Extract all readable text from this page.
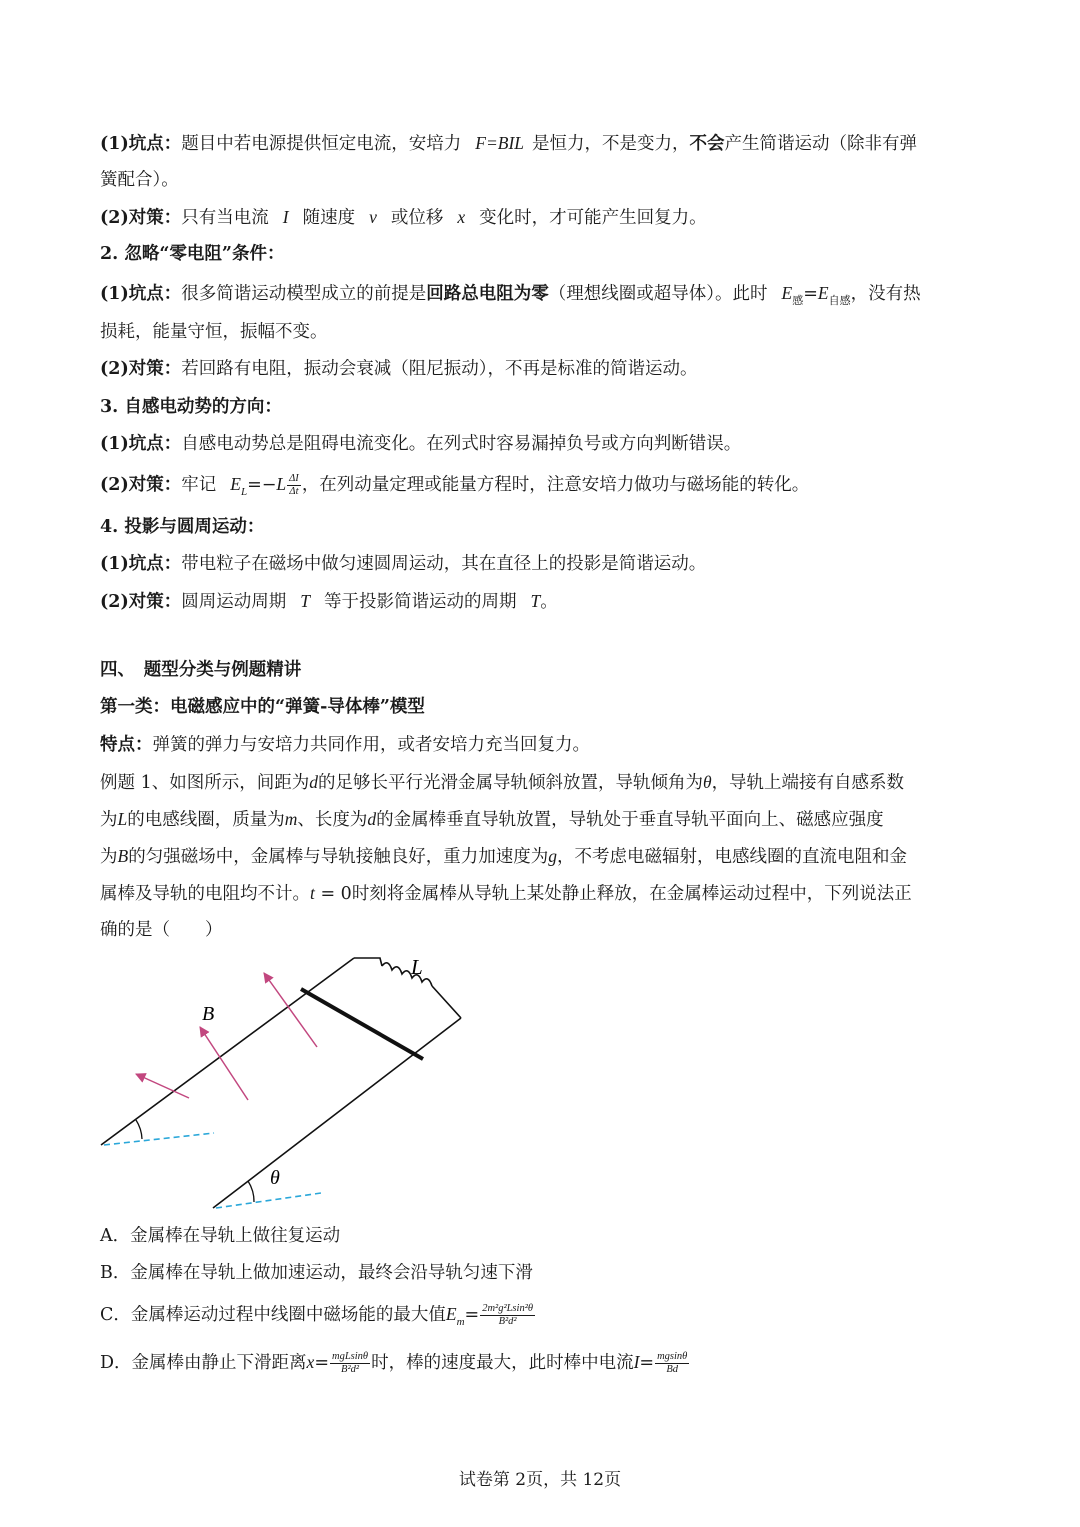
(1)坑点：题目中若电源提供恒定电流，安培力 F=BIL 是恒力，不是变力，不会产生简谐运动（除非有弹
簧配合）。
(2)对策：只有当电流 I 随速度 v 或位移 x 变化时，才可能产生回复力。
2. 忽略“零电阻”条件：
(1)坑点：很多简谐运动模型成立的前提是回路总电阻为零（理想线圈或超导体）。此时 $E_感=E_{自感}$，没有热
损耗，能量守恒，振幅不变。
(2)对策：若回路有电阻，振动会衰减（阻尼振动），不再是标准的简谐运动。
3. 自感电动势的方向：
(1)坑点：自感电动势总是阻碍电流变化。在列式时容易漏掉负号或方向判断错误。
(2)对策：牢记 $E_L=-L \frac{\Delta I}{\Delta t}$ ，在列动量定理或能量方程时，注意安培力做功与磁场能的转化。
4. 投影与圆周运动：
(1)坑点：带电粒子在磁场中做匀速圆周运动，其在直径上的投影是简谐运动。
(2)对策：圆周运动周期 T 等于投影简谐运动的周期 T。
四、　题型分类与例题精讲
第一类：电磁感应中的“弹簧-导体棒”模型
特点：弹簧的弹力与安培力共同作用，或者安培力充当回复力。
例题 1、如图所示，间距为d的足够长平行光滑金属导轨倾斜放置，导轨倾角为θ，导轨上端接有自感系数
为L的电感线圈，质量为m、长度为d的金属棒垂直导轨放置，导轨处于垂直导轨平面向上、磁感应强度
为B的匀强磁场中，金属棒与导轨接触良好，重力加速度为g，不考虑电磁辐射，电感线圈的直流电阻和金
属棒及导轨的电阻均不计。t = 0时刻将金属棒从导轨上某处静止释放，在金属棒运动过程中，下列说法正
确的是（　　）
A．金属棒在导轨上做往复运动
B．金属棒在导轨上做加速运动，最终会沿导轨匀速下滑
C．金属棒运动过程中线圈中磁场能的最大值$E_m= \frac{\text{2m²g²Lsin²θ}}{\text{B²d²}}$
D．金属棒由静止下滑距离$x= \frac{\text{mgLsinθ}}{\text{B²d²}}$ 时，棒的速度最大，此时棒中电流$I= \frac{mgsin\theta}{Bd}$
L
B
θ
试卷第 2页，共 12页
